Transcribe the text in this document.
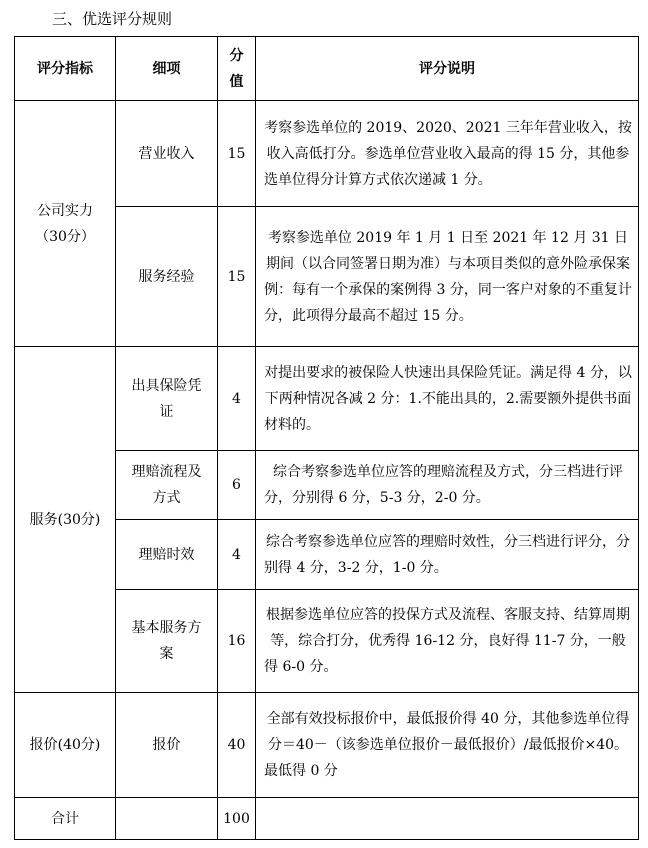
三、优选评分规则
评分指标	细项	分值	评分说明
公司实力（30分）	营业收入	15	考察参选单位的 2019、2020、2021 三年年营业收入，按收入高低打分。参选单位营业收入最高的得 15 分，其他参选单位得分计算方式依次递减 1 分。
	服务经验	15	考察参选单位 2019 年 1 月 1 日至 2021 年 12 月 31 日期间（以合同签署日期为准）与本项目类似的意外险承保案例：每有一个承保的案例得 3 分，同一客户对象的不重复计分，此项得分最高不超过 15 分。
服务(30分)	出具保险凭证	4	对提出要求的被保险人快速出具保险凭证。满足得 4 分，以下两种情况各减 2 分：1.不能出具的，2.需要额外提供书面材料的。
	理赔流程及方式	6	综合考察参选单位应答的理赔流程及方式，分三档进行评分，分别得 6 分，5-3 分，2-0 分。
	理赔时效	4	综合考察参选单位应答的理赔时效性，分三档进行评分，分别得 4 分，3-2 分，1-0 分。
	基本服务方案	16	根据参选单位应答的投保方式及流程、客服支持、结算周期等，综合打分，优秀得 16-12 分，良好得 11-7 分，一般得 6-0 分。
报价(40分)	报价	40	全部有效投标报价中，最低报价得 40 分，其他参选单位得分＝40－（该参选单位报价－最低报价）/最低报价×40。最低得 0 分
合计		100	
